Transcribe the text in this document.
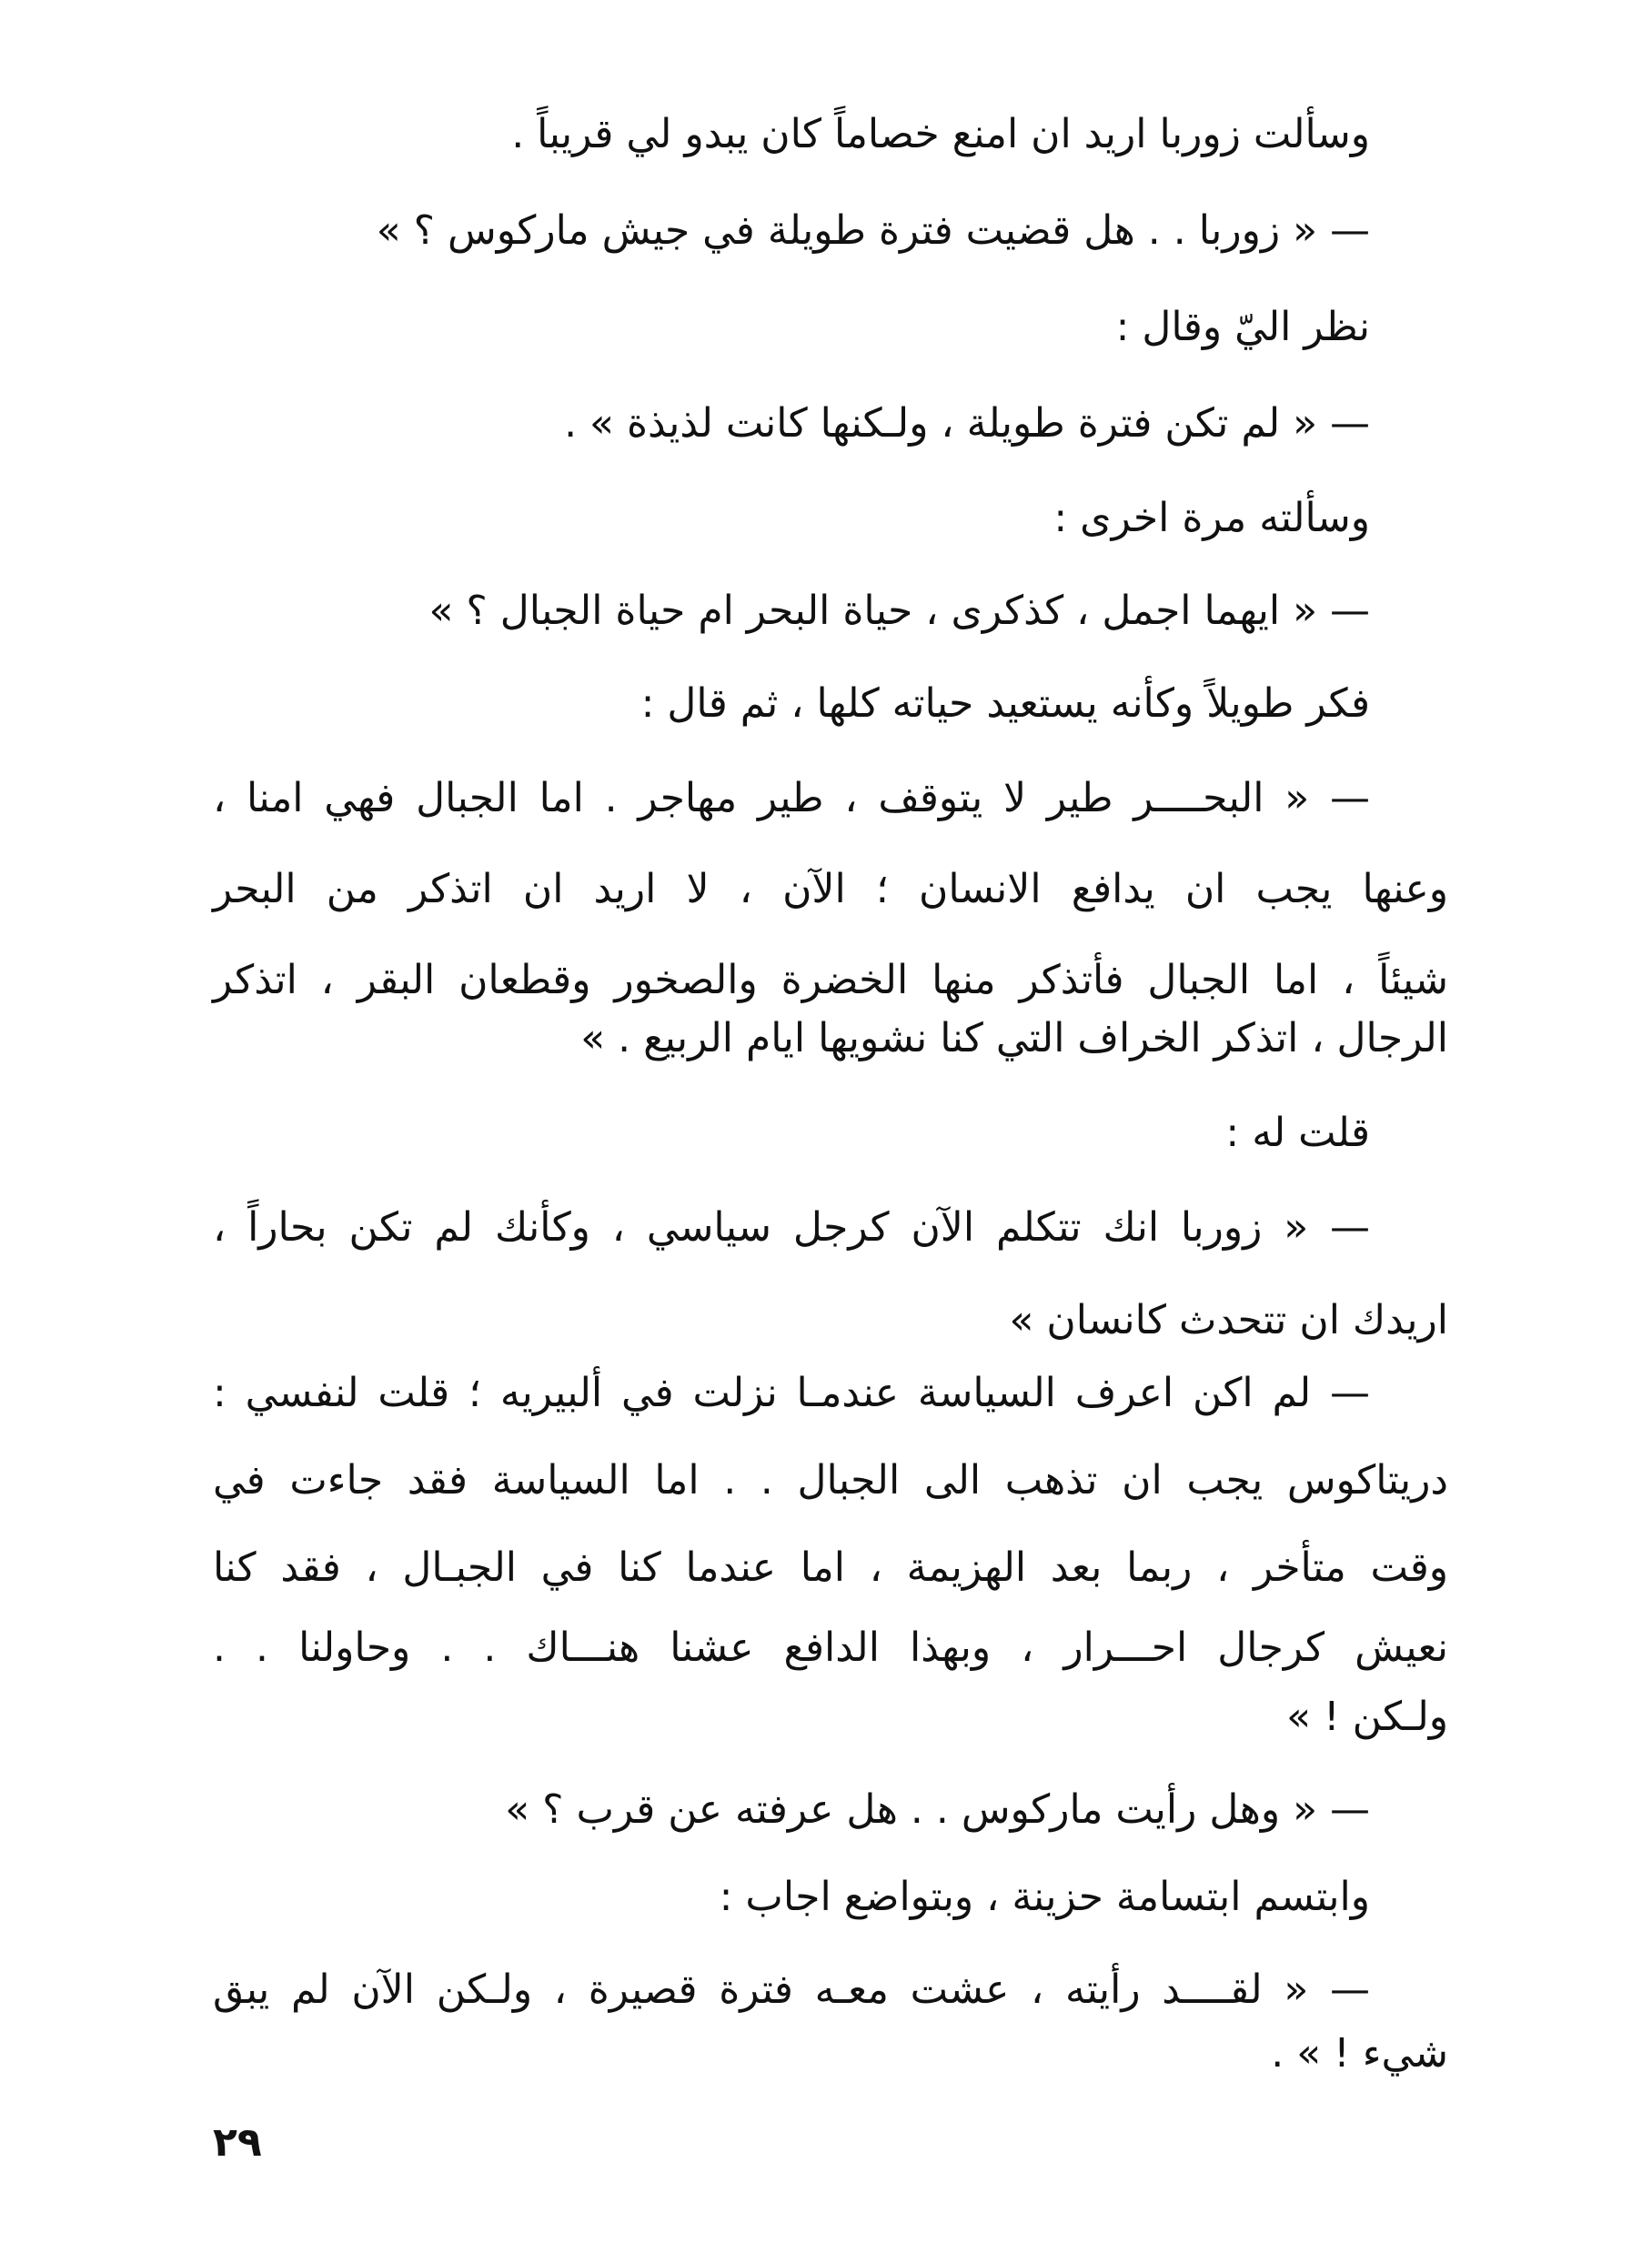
وسألت زوربا اريد ان امنع خصاماً كان يبدو لي قريباً .
— « زوربا . . هل قضيت فترة طويلة في جيش ماركوس ؟ »
نظر اليّ وقال :
— « لم تكن فترة طويلة ، ولـكنها كانت لذيذة » .
وسألته مرة اخرى :
— « ايهما اجمل ، كذكرى ، حياة البحر ام حياة الجبال ؟ »
فكر طويلاً وكأنه يستعيد حياته كلها ، ثم قال :
— « البحــــر طير لا يتوقف ، طير مهاجر . اما الجبال فهي امنا ،
وعنها يجب ان يدافع الانسان ؛ الآن ، لا اريد ان اتذكر من البحر
شيئاً ، اما الجبال فأتذكر منها الخضرة والصخور وقطعان البقر ، اتذكر
الرجال ، اتذكر الخراف التي كنا نشويها ايام الربيع . »
قلت له :
— « زوربا انك تتكلم الآن كرجل سياسي ، وكأنك لم تكن بحاراً ،
اريدك ان تتحدث كانسان »
— لم اكن اعرف السياسة عندمـا نزلت في ألبيريه ؛ قلت لنفسي :
دريتاكوس يجب ان تذهب الى الجبال . . اما السياسة فقد جاءت في
وقت متأخر ، ربما بعد الهزيمة ، اما عندما كنا في الجبـال ، فقد كنا
نعيش كرجال احـــرار ، وبهذا الدافع عشنا هنـــاك . . وحاولنا . .
ولـكن ! »
— « وهل رأيت ماركوس . . هل عرفته عن قرب ؟ »
وابتسم ابتسامة حزينة ، وبتواضع اجاب :
— « لقــــد رأيته ، عشت معـه فترة قصيرة ، ولـكن الآن لم يبق
شيء ! » .
٢٩
